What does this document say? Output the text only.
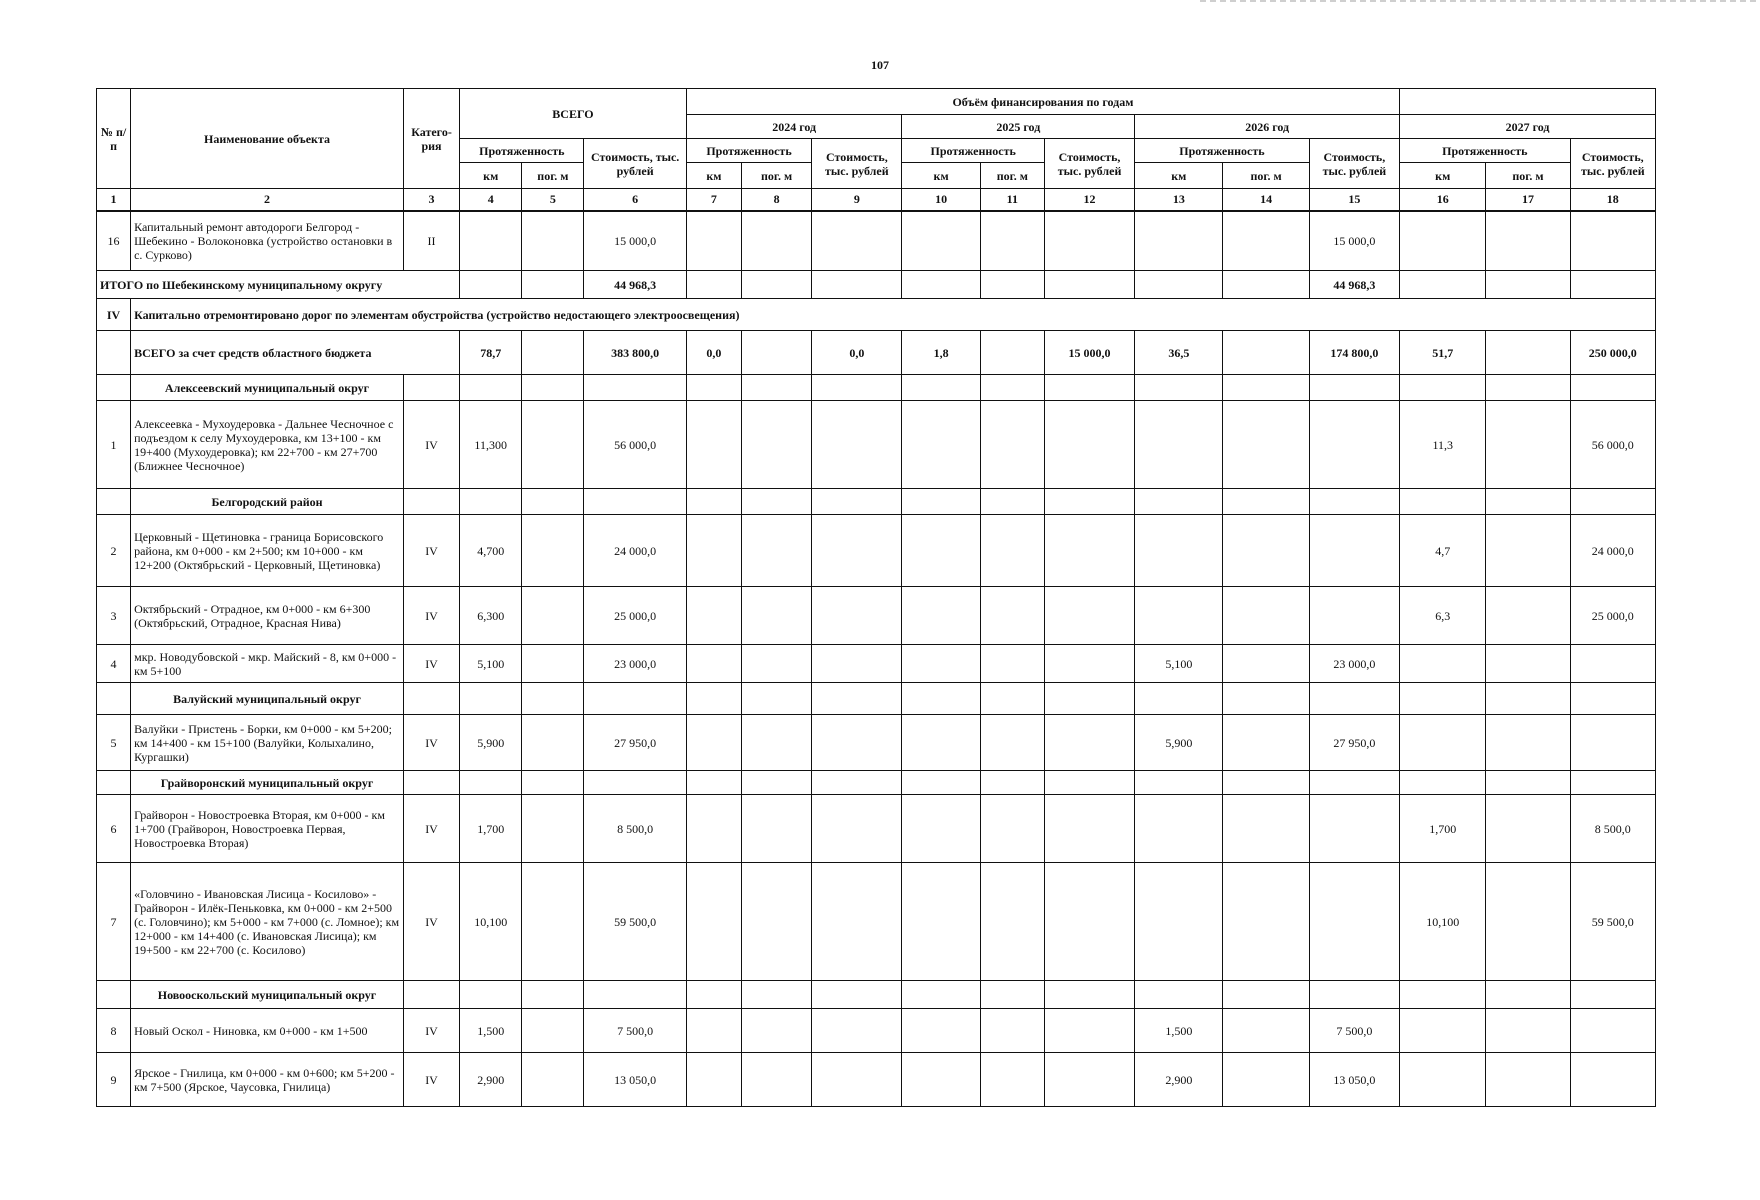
107
№ п/п	Наименование объекта	Катего-рия	ВСЕГО			Объём финансирования по годам											
						2024 год			2025 год			2026 год			2027 год		
			Протяженность		Стоимость, тыс. рублей	Протяженность		Стоимость, тыс. рублей	Протяженность		Стоимость, тыс. рублей	Протяженность		Стоимость, тыс. рублей	Протяженность		Стоимость, тыс. рублей
			км	пог. м		км	пог. м		км	пог. м		км	пог. м		км	пог. м	
1	2	3	4	5	6	7	8	9	10	11	12	13	14	15	16	17	18
16	Капитальный ремонт автодороги Белгород - Шебекино - Волоконовка (устройство остановки в с. Сурково)	II			15 000,0									15 000,0			
ИТОГО по Шебекинскому муниципальному округу					44 968,3									44 968,3			
IV	Капитально отремонтировано дорог по элементам обустройства (устройство недостающего электроосвещения)																
	ВСЕГО за счет средств областного бюджета		78,7		383 800,0	0,0		0,0	1,8		15 000,0	36,5		174 800,0	51,7		250 000,0
	Алексеевский муниципальный округ																
1	Алексеевка - Мухоудеровка - Дальнее Чесночное с подъездом к селу Мухоудеровка, км 13+100 - км 19+400 (Мухоудеровка); км 22+700 - км 27+700 (Ближнее Чесночное)	IV	11,300		56 000,0										11,3		56 000,0
	Белгородский район																
2	Церковный - Щетиновка - граница Борисовского района, км 0+000 - км 2+500; км 10+000 - км 12+200 (Октябрьский - Церковный, Щетиновка)	IV	4,700		24 000,0										4,7		24 000,0
3	Октябрьский - Отрадное, км 0+000 - км 6+300 (Октябрьский, Отрадное, Красная Нива)	IV	6,300		25 000,0										6,3		25 000,0
4	мкр. Новодубовской - мкр. Майский - 8, км 0+000 - км 5+100	IV	5,100		23 000,0							5,100		23 000,0			
	Валуйский муниципальный округ																
5	Валуйки - Пристень - Борки, км 0+000 - км 5+200; км 14+400 - км 15+100 (Валуйки, Колыхалино, Кургашки)	IV	5,900		27 950,0							5,900		27 950,0			
	Грайворонский муниципальный округ																
6	Грайворон - Новостроевка Вторая, км 0+000 - км 1+700 (Грайворон, Новостроевка Первая, Новостроевка Вторая)	IV	1,700		8 500,0										1,700		8 500,0
7	«Головчино - Ивановская Лисица - Косилово» - Грайворон - Илёк-Пеньковка, км 0+000 - км 2+500 (с. Головчино); км 5+000 - км 7+000 (с. Ломное); км 12+000 - км 14+400 (с. Ивановская Лисица); км 19+500 - км 22+700 (с. Косилово)	IV	10,100		59 500,0										10,100		59 500,0
	Новооскольский муниципальный округ																
8	Новый Оскол - Ниновка, км 0+000 - км 1+500	IV	1,500		7 500,0							1,500		7 500,0			
9	Ярское - Гнилица, км 0+000 - км 0+600; км 5+200 - км 7+500 (Ярское, Чаусовка, Гнилица)	IV	2,900		13 050,0							2,900		13 050,0			
